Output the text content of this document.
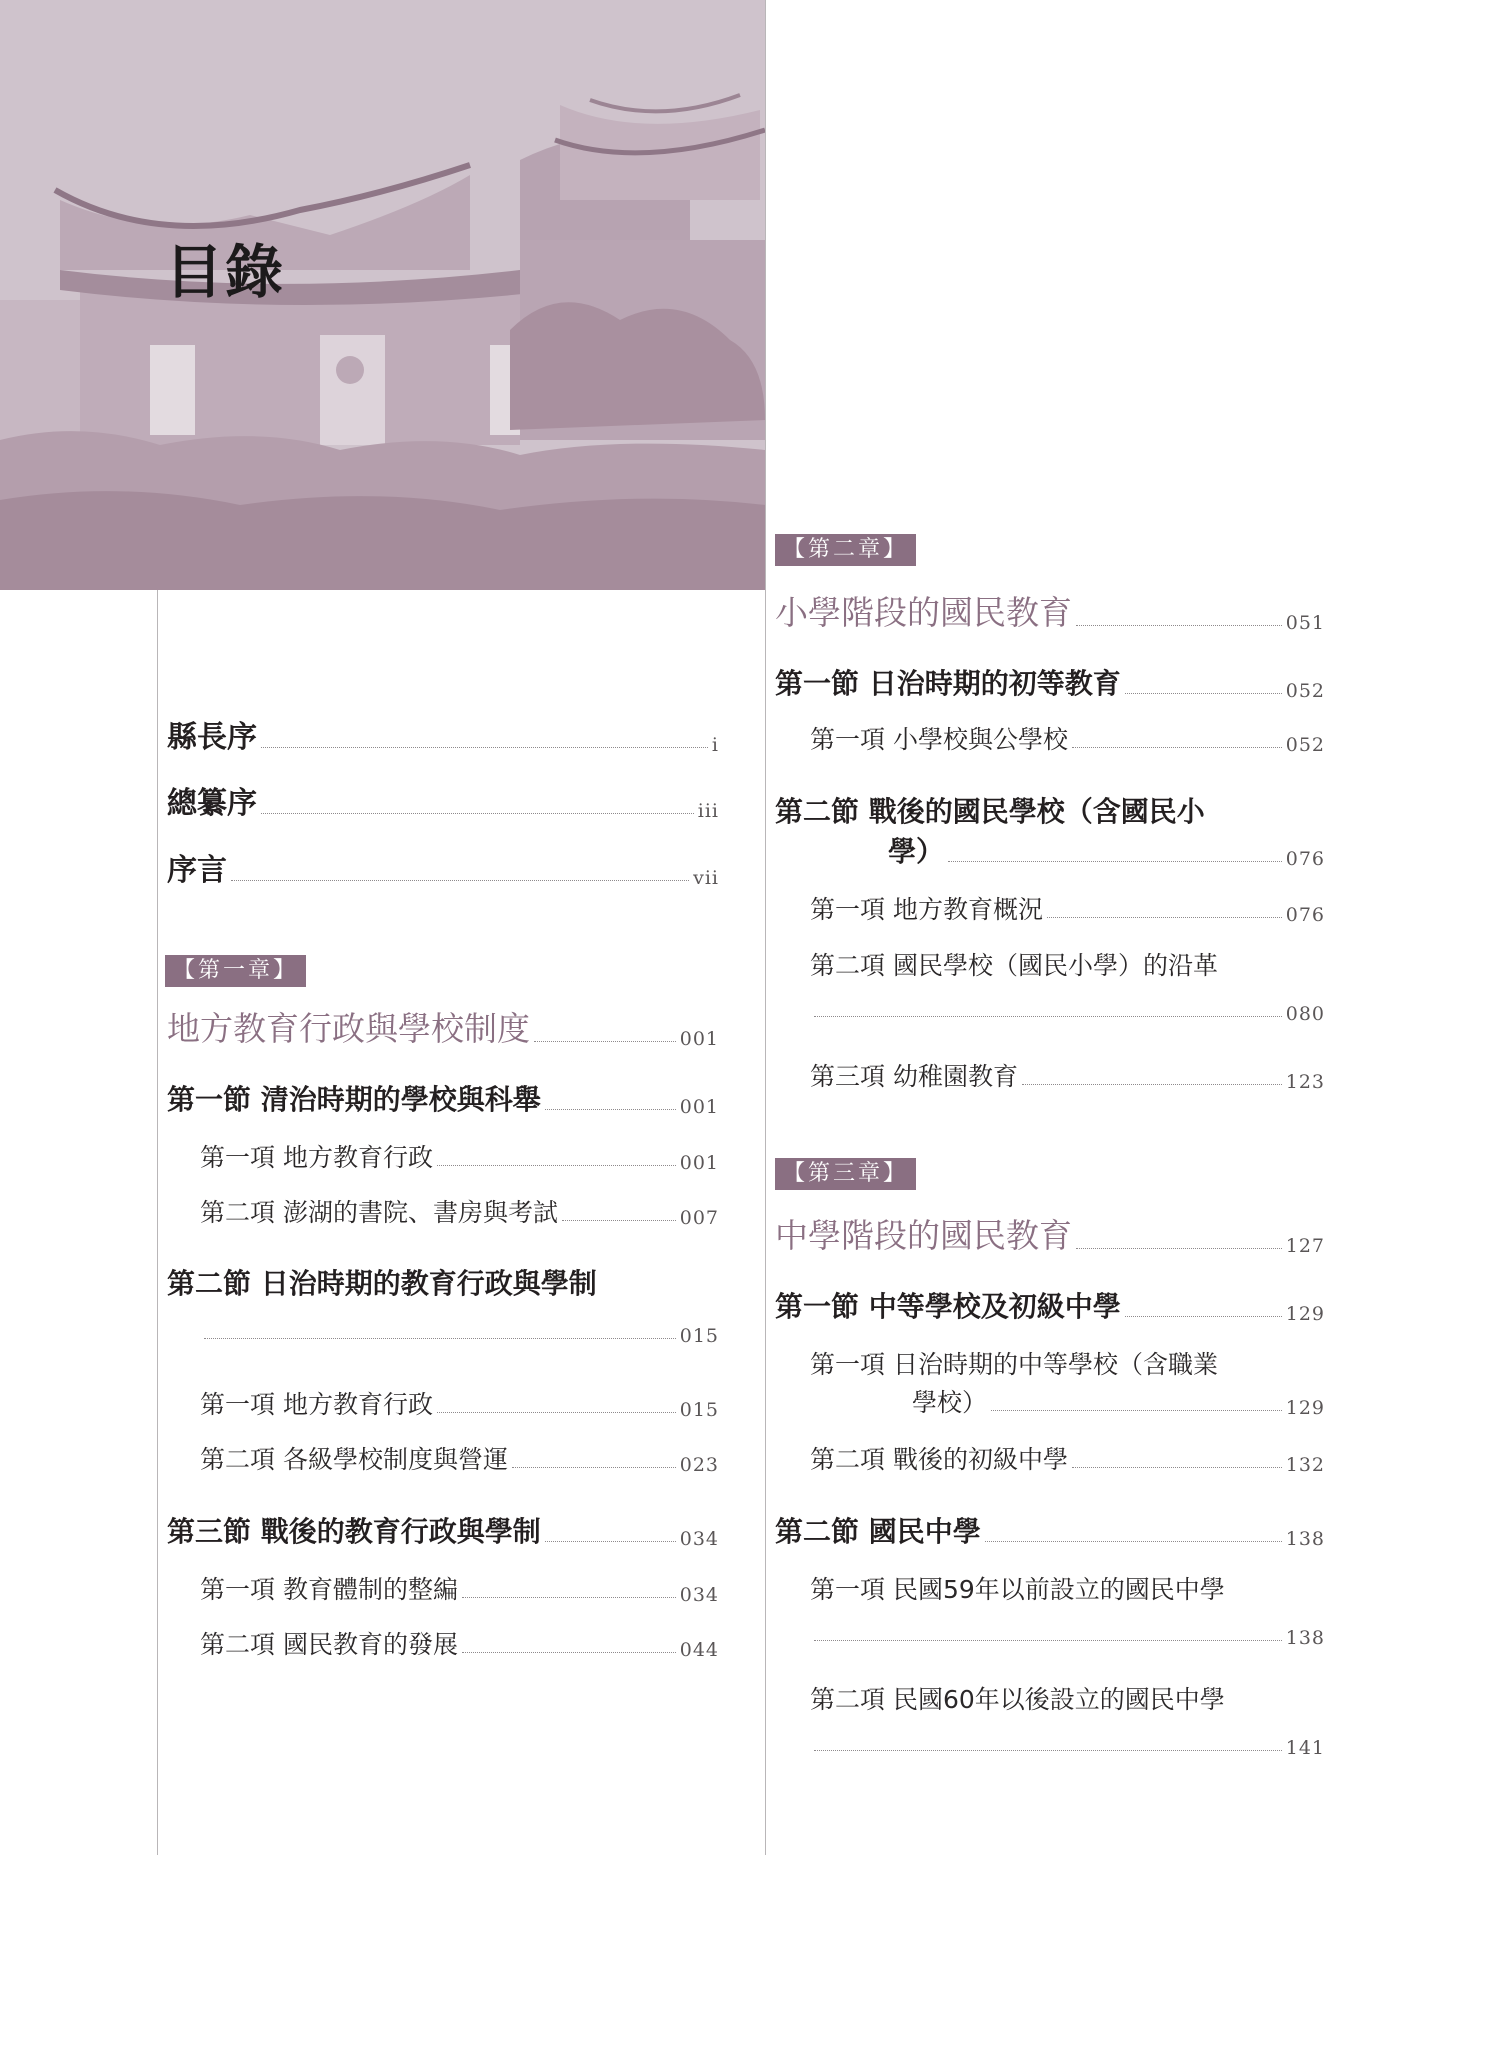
目錄
縣長序	i
總纂序	iii
序言	vii
【第一章】
地方教育行政與學校制度	001
第一節 清治時期的學校與科舉	001
第一項 地方教育行政	001
第二項 澎湖的書院、書房與考試	007
第二節 日治時期的教育行政與學制
015
第一項 地方教育行政	015
第二項 各級學校制度與營運	023
第三節 戰後的教育行政與學制	034
第一項 教育體制的整編	034
第二項 國民教育的發展	044
【第二章】
小學階段的國民教育	051
第一節 日治時期的初等教育	052
第一項 小學校與公學校	052
第二節 戰後的國民學校（含國民小
學）	076
第一項 地方教育概況	076
第二項 國民學校（國民小學）的沿革
080
第三項 幼稚園教育	123
【第三章】
中學階段的國民教育	127
第一節 中等學校及初級中學	129
第一項 日治時期的中等學校（含職業
學校）	129
第二項 戰後的初級中學	132
第二節 國民中學	138
第一項 民國59年以前設立的國民中學
138
第二項 民國60年以後設立的國民中學
141
